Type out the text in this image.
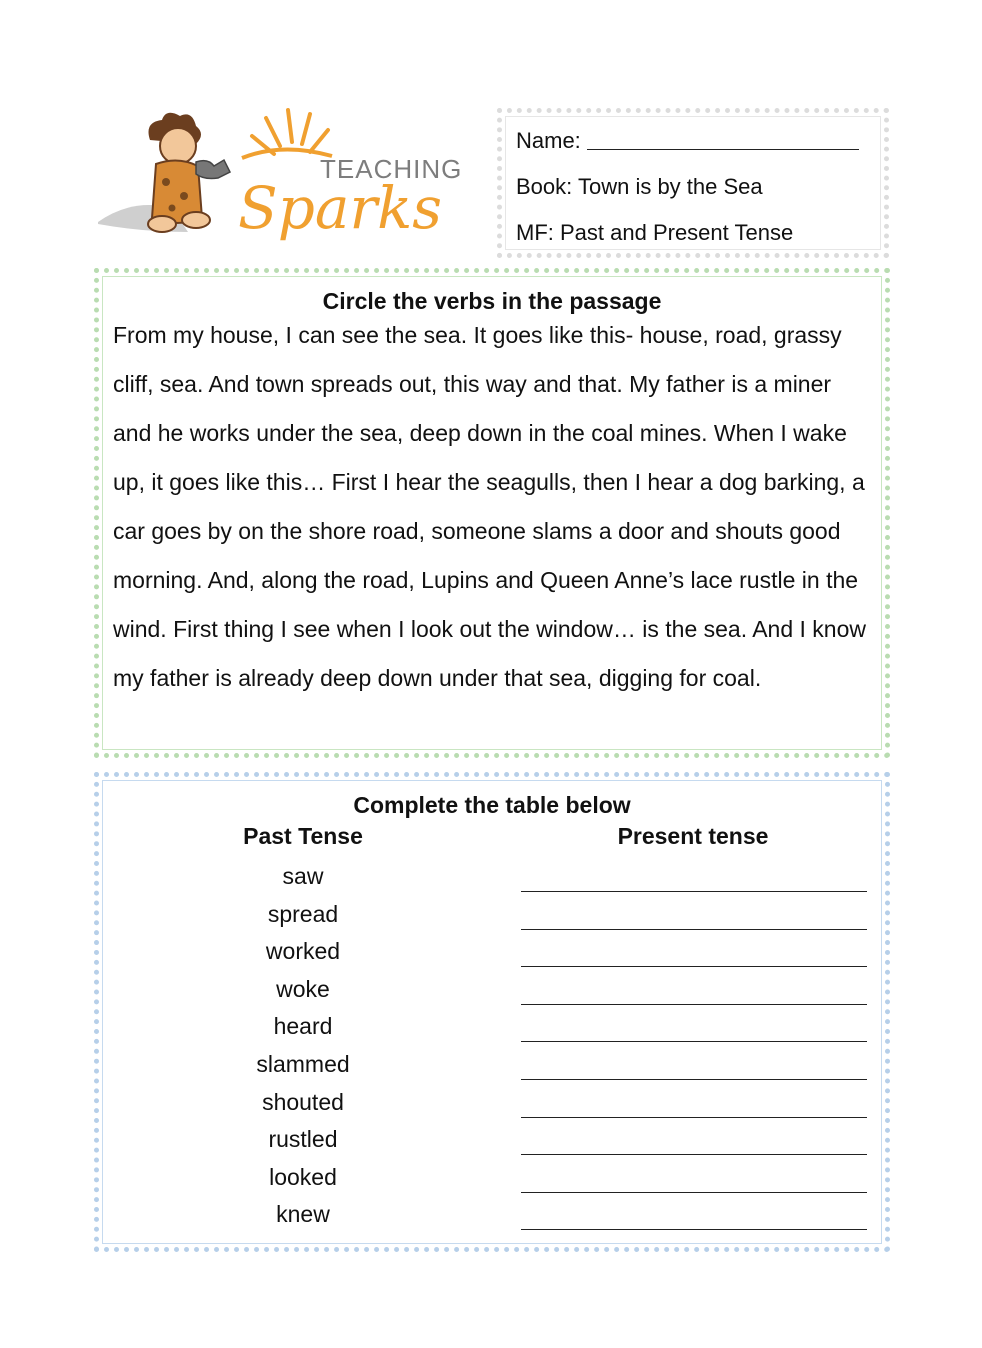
TEACHING
Sparks
Name:
Book: Town is by the Sea
MF: Past and Present Tense
Circle the verbs in the passage
From my house, I can see the sea. It goes like this- house, road, grassy cliff, sea. And town spreads out, this way and that. My father is a miner and he works under the sea, deep down in the coal mines. When I wake up, it goes like this… First I hear the seagulls, then I hear a dog barking, a car goes by on the shore road, someone slams a door and shouts good morning. And, along the road, Lupins and Queen Anne’s lace rustle in the wind. First thing I see when I look out the window… is the sea. And I know my father is already deep down under that sea, digging for coal.
Complete the table below
Past Tense	Present tense
saw
spread
worked
woke
heard
slammed
shouted
rustled
looked
knew
